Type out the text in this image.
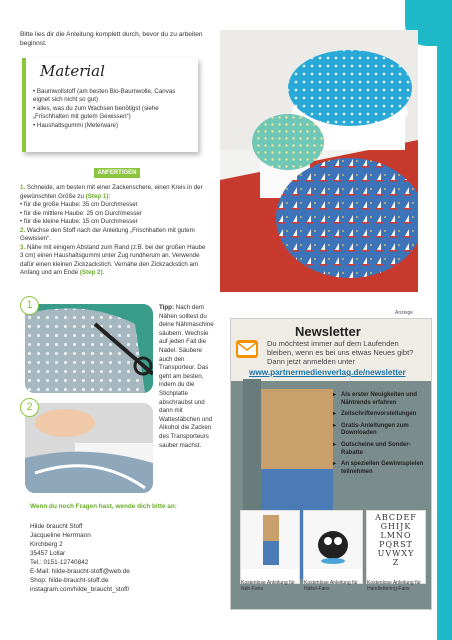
Bitte lies dir die Anleitung komplett durch, bevor du zu arbeiten beginnst.
Material
• Baumwollstoff (am besten Bio-Baumwolle, Canvas eignet sich nicht so gut)
• alles, was du zum Wachsen benötigst (siehe „Frischhalten mit gutem Gewissen“)
• Haushaltsgummi (Meterware)
ANFERTIGEN
1. Schneide, am besten mit einer Zackenschere, einen Kreis in der gewünschten Größe zu (Step 1):
• für die große Haube: 35 cm Durchmesser
• für die mittlere Haube: 25 cm Durchmesser
• für die kleine Haube: 15 cm Durchmesser
2. Wachse den Stoff nach der Anleitung „Frischhalten mit gutem Gewissen“.
3. Nähe mit einigem Abstand zum Rand (z.B. bei der großen Haube 3 cm) einen Haushaltsgummi unter Zug rundherum an. Verwende dafür einen kleinen Zickzackstich. Vernähe den Zickzackstich am Anfang und am Ende (Step 2).
1
2
Tipp: Nach dem Nähen solltest du deine Nähmaschine säubern. Wechsle auf jeden Fall die Nadel. Säubere auch den Transporteur. Das geht am besten, indem du die Stichplatte abschraubst und dann mit Wattestäbchen und Alkohol die Zacken des Transporteurs sauber machst.
Anzeige
Newsletter
Du möchtest immer auf dem Laufenden bleiben, wenn es bei uns etwas Neues gibt? Dann jetzt anmelden unter
www.partnermedienverlag.de/newsletter
▸ Als erster Neuigkeiten und Nähtrends erfahren
▸ Zeitschriftenvorstellungen
▸ Gratis-Anleitungen zum Downloaden
▸ Gutscheine und Sonder-Rabatte
▸ An speziellen Gewinnspielen teilnehmen
Kostenlose Anleitung für Näh-Fans
Kostenlose Anleitung für Häkel-Fans
ABCDEF
GHIJK
LMNO
PQRST
UVWXY
Z
Kostenlose Anleitung für Handlettering-Fans
Wenn du noch Fragen hast, wende dich bitte an:
Hilde braucht Stoff
Jacqueline Herrmann
Kirchberg 2
35457 Lollar
Tel.: 0151-12740842
E-Mail: hilde-braucht-stoff@web.de
Shop: hilde-braucht-stoff.de
instagram.com/hilde_braucht_stoff/
